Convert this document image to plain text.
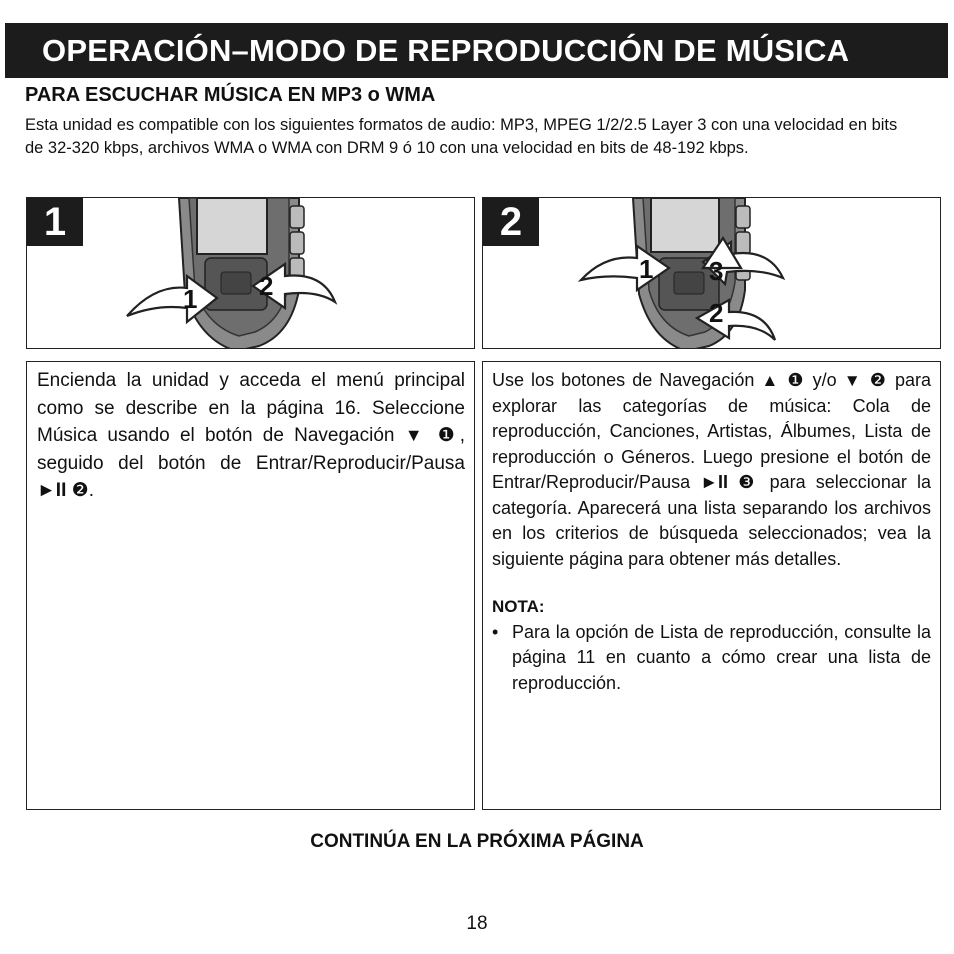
OPERACIÓN–MODO DE REPRODUCCIÓN DE MÚSICA
PARA ESCUCHAR MÚSICA EN MP3 o WMA
Esta unidad es compatible con los siguientes formatos de audio: MP3, MPEG 1/2/2.5 Layer 3 con una velocidad en bits de 32-320 kbps, archivos WMA o WMA con DRM 9 ó 10 con una velocidad en bits de 48-192 kbps.
1 2
1
1 3
2
2
Encienda la unidad y acceda el menú principal como se describe en la página 16. Seleccione Música usando el botón de Navegación ▼ ❶, seguido del botón de Entrar/Reproducir/Pausa ►II ❷.
Use los botones de Navegación ▲ ❶ y/o ▼ ❷ para explorar las categorías de música: Cola de reproducción, Canciones, Artistas, Álbumes, Lista de reproducción o Géneros. Luego presione el botón de Entrar/Reproducir/Pausa ►II ❸ para seleccionar la categoría. Aparecerá una lista separando los archivos en los criterios de búsqueda seleccionados; vea la siguiente página para obtener más detalles.
NOTA:
• Para la opción de Lista de reproducción, consulte la página 11 en cuanto a cómo crear una lista de reproducción.
CONTINÚA EN LA PRÓXIMA PÁGINA
18
